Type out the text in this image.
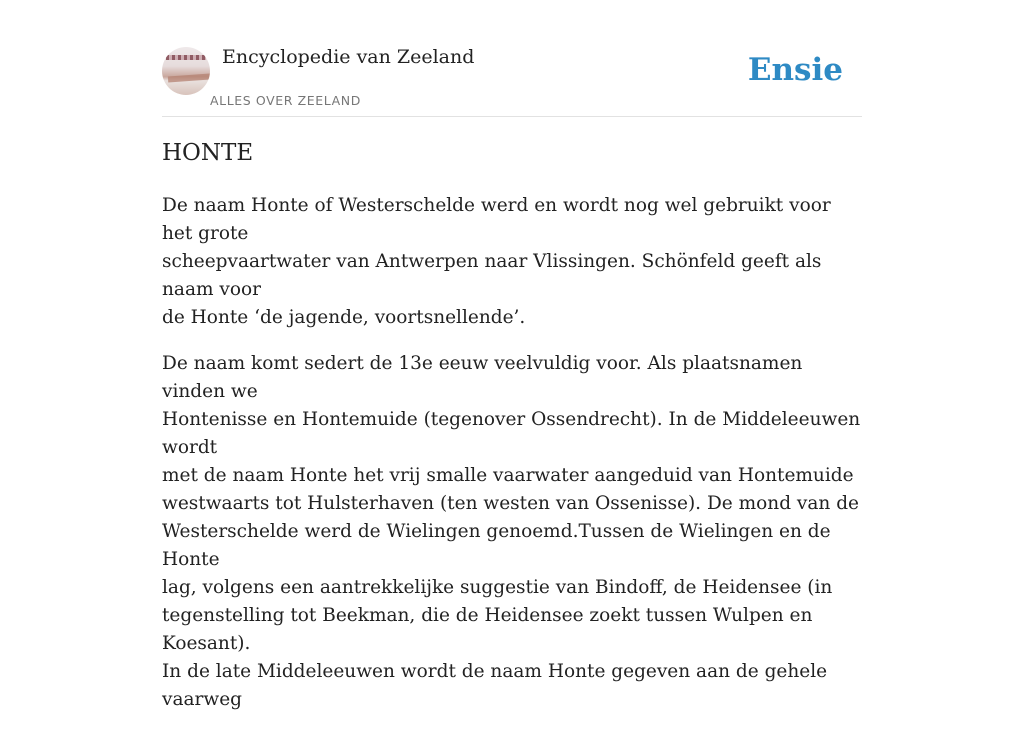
Encyclopedie van Zeeland
ALLES OVER ZEELAND
Ensie
HONTE

De naam Honte of Westerschelde werd en wordt nog wel gebruikt voor het grote
scheepvaartwater van Antwerpen naar Vlissingen. Schönfeld geeft als naam voor
de Honte ‘de jagende, voortsnellende’.

De naam komt sedert de 13e eeuw veelvuldig voor. Als plaatsnamen vinden we
Hontenisse en Hontemuide (tegenover Ossendrecht). In de Middeleeuwen wordt
met de naam Honte het vrij smalle vaarwater aangeduid van Hontemuide
westwaarts tot Hulsterhaven (ten westen van Ossenisse). De mond van de
Westerschelde werd de Wielingen genoemd.Tussen de Wielingen en de Honte
lag, volgens een aantrekkelijke suggestie van Bindoff, de Heidensee (in
tegenstelling tot Beekman, die de Heidensee zoekt tussen Wulpen en Koesant).
In de late Middeleeuwen wordt de naam Honte gegeven aan de gehele vaarweg
